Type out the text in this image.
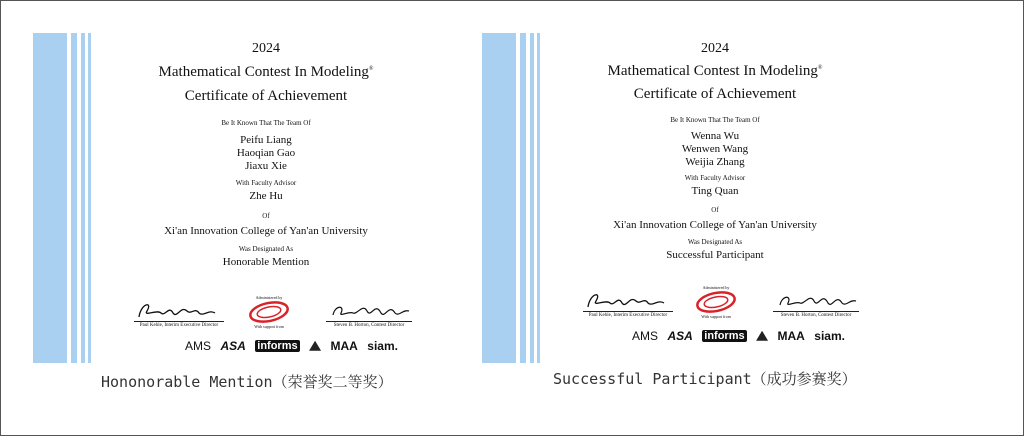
2024
Mathematical Contest In Modeling®
Certificate of Achievement
Be It Known That The Team Of
Peifu Liang
Haoqian Gao
Jiaxu Xie
With Faculty Advisor
Zhe Hu
Of
Xi'an Innovation College of Yan'an University
Was Designated As
Honorable Mention
Paul Kehle, Interim Executive Director
Administered by
With support from	Steven B. Horton, Contest Director
AMS ASA informs	MAA siam.
2024
Mathematical Contest In Modeling®
Certificate of Achievement
Be It Known That The Team Of
Wenna Wu
Wenwen Wang
Weijia Zhang
With Faculty Advisor
Ting Quan
Of
Xi'an Innovation College of Yan'an University
Was Designated As
Successful Participant
Paul Kehle, Interim Executive Director
Administered by
With support from	Steven B. Horton, Contest Director
AMS ASA informs	MAA siam.
Hononorable Mention（荣誉奖二等奖）	Successful Participant（成功参赛奖）
